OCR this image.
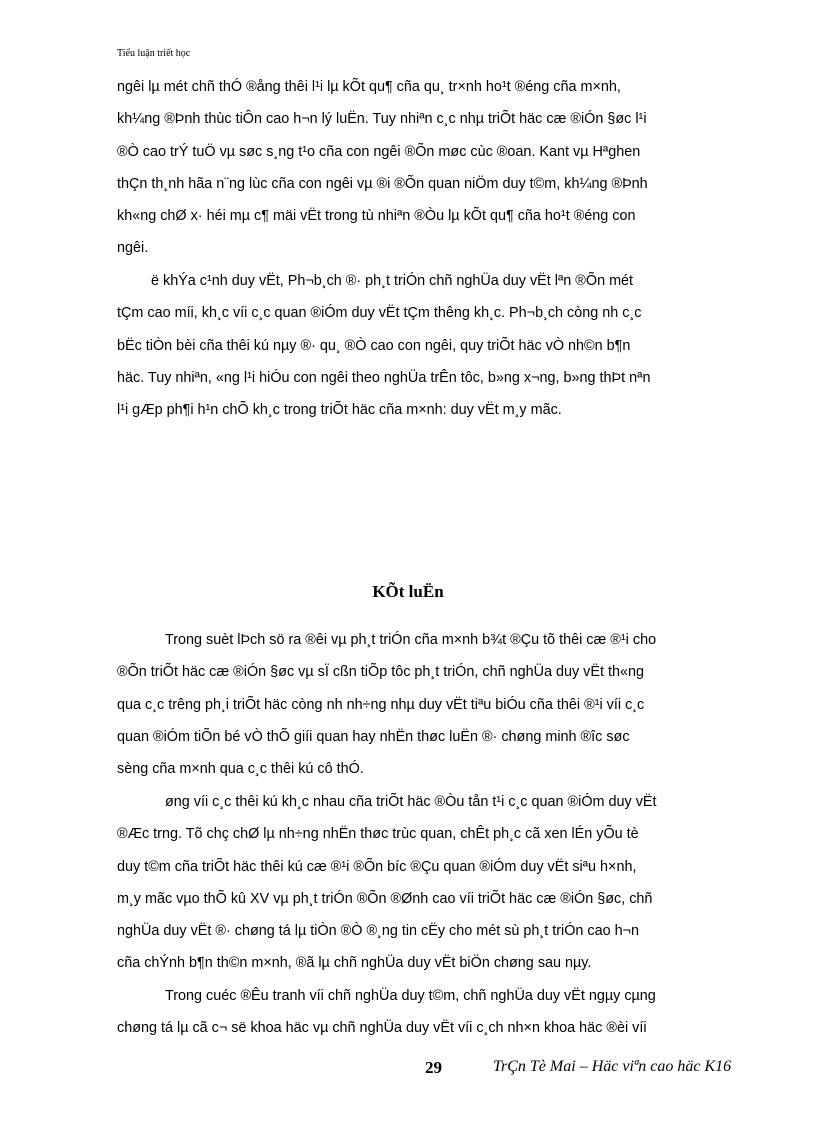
Tiểu luận triết học
ngêi lµ mét chñ thÓ ®ång thêi l¹i lµ kÕt qu¶ cña qu¸ tr×nh ho¹t ®éng cña m×nh,
kh¼ng ®Þnh thùc tiÔn cao h¬n lý luËn. Tuy nhiªn c¸c nhµ triÕt häc cæ ®iÓn §øc l¹i
®Ò cao trÝ tuÖ vµ søc s¸ng t¹o cña con ngêi ®Õn møc cùc ®oan. Kant vµ Hªghen
thÇn th¸nh hãa n¨ng lùc cña con ngêi vµ ®i ®Õn quan niÖm duy t©m, kh¼ng ®Þnh
kh«ng chØ x· héi mµ c¶ mäi vËt trong tù nhiªn ®Òu lµ kÕt qu¶ cña ho¹t ®éng con
ngêi.
ë khÝa c¹nh duy vËt, Ph¬b¸ch ®· ph¸t triÓn chñ nghÜa duy vËt lªn ®Õn mét
tÇm cao míi, kh¸c víi c¸c quan ®iÓm duy vËt tÇm thêng kh¸c. Ph¬b¸ch còng nh c¸c
bËc tiÒn bèi cña thêi kú nµy ®· qu¸ ®Ò cao con ngêi, quy triÕt häc vÒ nh©n b¶n
häc. Tuy nhiªn, «ng l¹i hiÓu con ngêi theo nghÜa trÊn tôc, b»ng x¬ng, b»ng thÞt nªn
l¹i gÆp ph¶i h¹n chÕ kh¸c trong triÕt häc cña m×nh: duy vËt m¸y mãc.
KÕt luËn
Trong suèt lÞch sö ra ®êi vµ ph¸t triÓn cña m×nh b¾t ®Çu tõ thêi cæ ®¹i cho
®Õn triÕt häc cæ ®iÓn §øc vµ sÏ cßn tiÕp tôc ph¸t triÓn, chñ nghÜa duy vËt th«ng
qua c¸c trêng ph¸i triÕt häc còng nh nh÷ng nhµ duy vËt tiªu biÓu cña thêi ®¹i víi c¸c
quan ®iÓm tiÕn bé vÒ thÕ giíi quan hay nhËn thøc luËn ®· chøng minh ®îc søc
sèng cña m×nh qua c¸c thêi kú cô thÓ.
øng víi c¸c thêi kú kh¸c nhau cña triÕt häc ®Òu tån t¹i c¸c quan ®iÓm duy vËt
®Æc trng. Tõ chç chØ lµ nh÷ng nhËn thøc trùc quan, chÊt ph¸c cã xen lÉn yÕu tè
duy t©m cña triÕt häc thêi kú cæ ®¹i ®Õn bíc ®Çu quan ®iÓm duy vËt siªu h×nh,
m¸y mãc vµo thÕ kû XV vµ ph¸t triÓn ®Õn ®Ønh cao víi triÕt häc cæ ®iÓn §øc, chñ
nghÜa duy vËt ®· chøng tá lµ tiÒn ®Ò ®¸ng tin cËy cho mét sù ph¸t triÓn cao h¬n
cña chÝnh b¶n th©n m×nh, ®ã lµ chñ nghÜa duy vËt biÖn chøng sau nµy.
Trong cuéc ®Êu tranh víi chñ nghÜa duy t©m, chñ nghÜa duy vËt ngµy cµng
chøng tá lµ cã c¬ së khoa häc vµ chñ nghÜa duy vËt víi c¸ch nh×n khoa häc ®èi víi
29	TrÇn Tè Mai – Häc viªn cao häc K16
